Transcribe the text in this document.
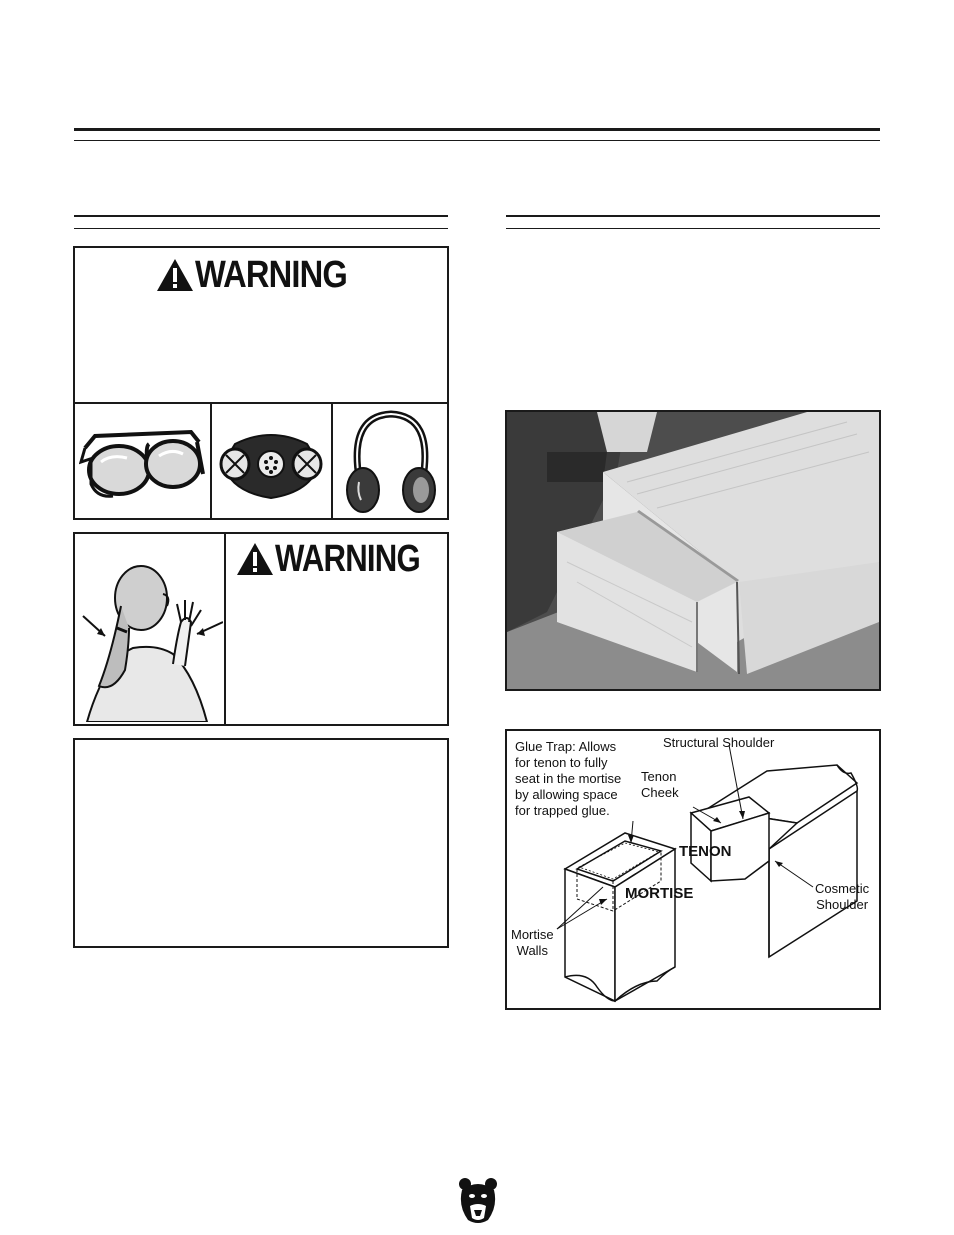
WARNING
WARNING
Glue Trap: Allows
for tenon to fully
seat in the mortise
by allowing space
for trapped glue.
Structural Shoulder
Tenon
Cheek
TENON
MORTISE
Mortise
Walls
Cosmetic
Shoulder
